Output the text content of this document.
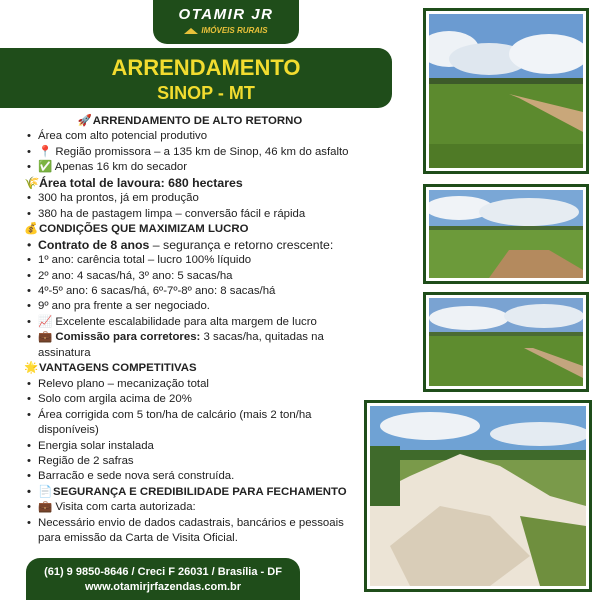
OTAMIR JR
IMÓVEIS RURAIS
ARRENDAMENTO
SINOP - MT
🚀ARRENDAMENTO DE ALTO RETORNO
• Área com alto potencial produtivo
• 📍 Região promissora – a 135 km de Sinop, 46 km do asfalto
• ✅ Apenas 16 km do secador
🌾Área total de lavoura: 680 hectares
• 300 ha prontos, já em produção
• 380 ha de pastagem limpa – conversão fácil e rápida
💰CONDIÇÕES QUE MAXIMIZAM LUCRO
• Contrato de 8 anos – segurança e retorno crescente:
• 1º ano: carência total – lucro 100% líquido
• 2º ano: 4 sacas/há, 3º ano: 5 sacas/ha
• 4º-5º ano: 6 sacas/há, 6º-7º-8º ano: 8 sacas/há
• 9º ano pra frente a ser negociado.
• 📈 Excelente escalabilidade para alta margem de lucro
• 💼 Comissão para corretores: 3 sacas/ha, quitadas na assinatura
🌟VANTAGENS COMPETITIVAS
• Relevo plano – mecanização total
• Solo com argila acima de 20%
• Área corrigida com 5 ton/ha de calcário (mais 2 ton/ha disponíveis)
• Energia solar instalada
• Região de 2 safras
• Barracão e sede nova será construída.
• 📄SEGURANÇA E CREDIBILIDADE PARA FECHAMENTO
• 💼 Visita com carta autorizada:
• Necessário envio de dados cadastrais, bancários e pessoais para emissão da Carta de Visita Oficial.
(61) 9 9850-8646 / Creci F 26031 / Brasília - DF
www.otamirjrfazendas.com.br
